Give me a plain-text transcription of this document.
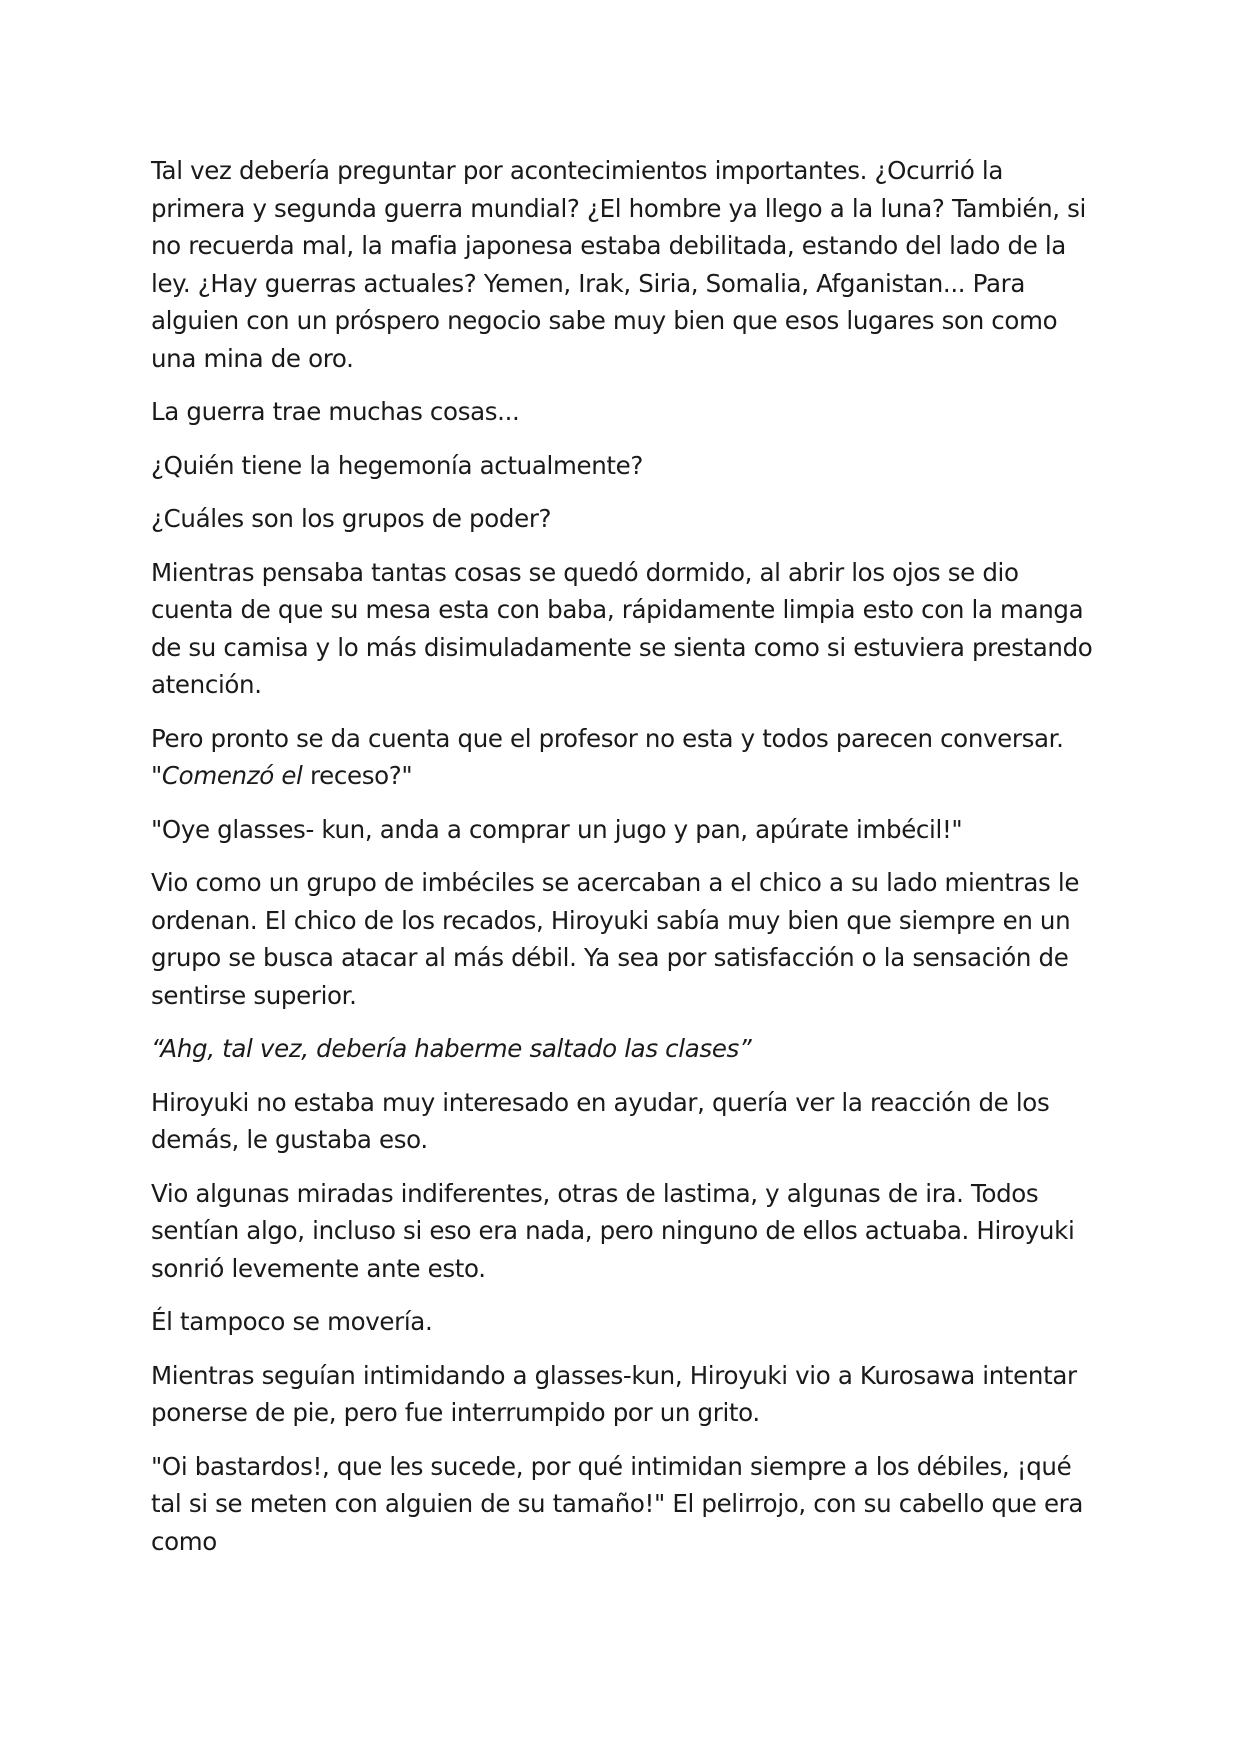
Tal vez debería preguntar por acontecimientos importantes. ¿Ocurrió la primera y segunda guerra mundial? ¿El hombre ya llego a la luna? También, si no recuerda mal, la mafia japonesa estaba debilitada, estando del lado de la ley. ¿Hay guerras actuales? Yemen, Irak, Siria, Somalia, Afganistan... Para alguien con un próspero negocio sabe muy bien que esos lugares son como una mina de oro.

La guerra trae muchas cosas...

¿Quién tiene la hegemonía actualmente?

¿Cuáles son los grupos de poder?

Mientras pensaba tantas cosas se quedó dormido, al abrir los ojos se dio cuenta de que su mesa esta con baba, rápidamente limpia esto con la manga de su camisa y lo más disimuladamente se sienta como si estuviera prestando atención.

Pero pronto se da cuenta que el profesor no esta y todos parecen conversar.
"Comenzó el receso?"

"Oye glasses- kun, anda a comprar un jugo y pan, apúrate imbécil!"

Vio como un grupo de imbéciles se acercaban a el chico a su lado mientras le ordenan. El chico de los recados, Hiroyuki sabía muy bien que siempre en un grupo se busca atacar al más débil. Ya sea por satisfacción o la sensación de sentirse superior.

“Ahg, tal vez, debería haberme saltado las clases”

Hiroyuki no estaba muy interesado en ayudar, quería ver la reacción de los demás, le gustaba eso.

Vio algunas miradas indiferentes, otras de lastima, y algunas de ira. Todos sentían algo, incluso si eso era nada, pero ninguno de ellos actuaba. Hiroyuki sonrió levemente ante esto.

Él tampoco se movería.

Mientras seguían intimidando a glasses-kun, Hiroyuki vio a Kurosawa intentar ponerse de pie, pero fue interrumpido por un grito.

"Oi bastardos!, que les sucede, por qué intimidan siempre a los débiles, ¡qué tal si se meten con alguien de su tamaño!" El pelirrojo, con su cabello que era como
